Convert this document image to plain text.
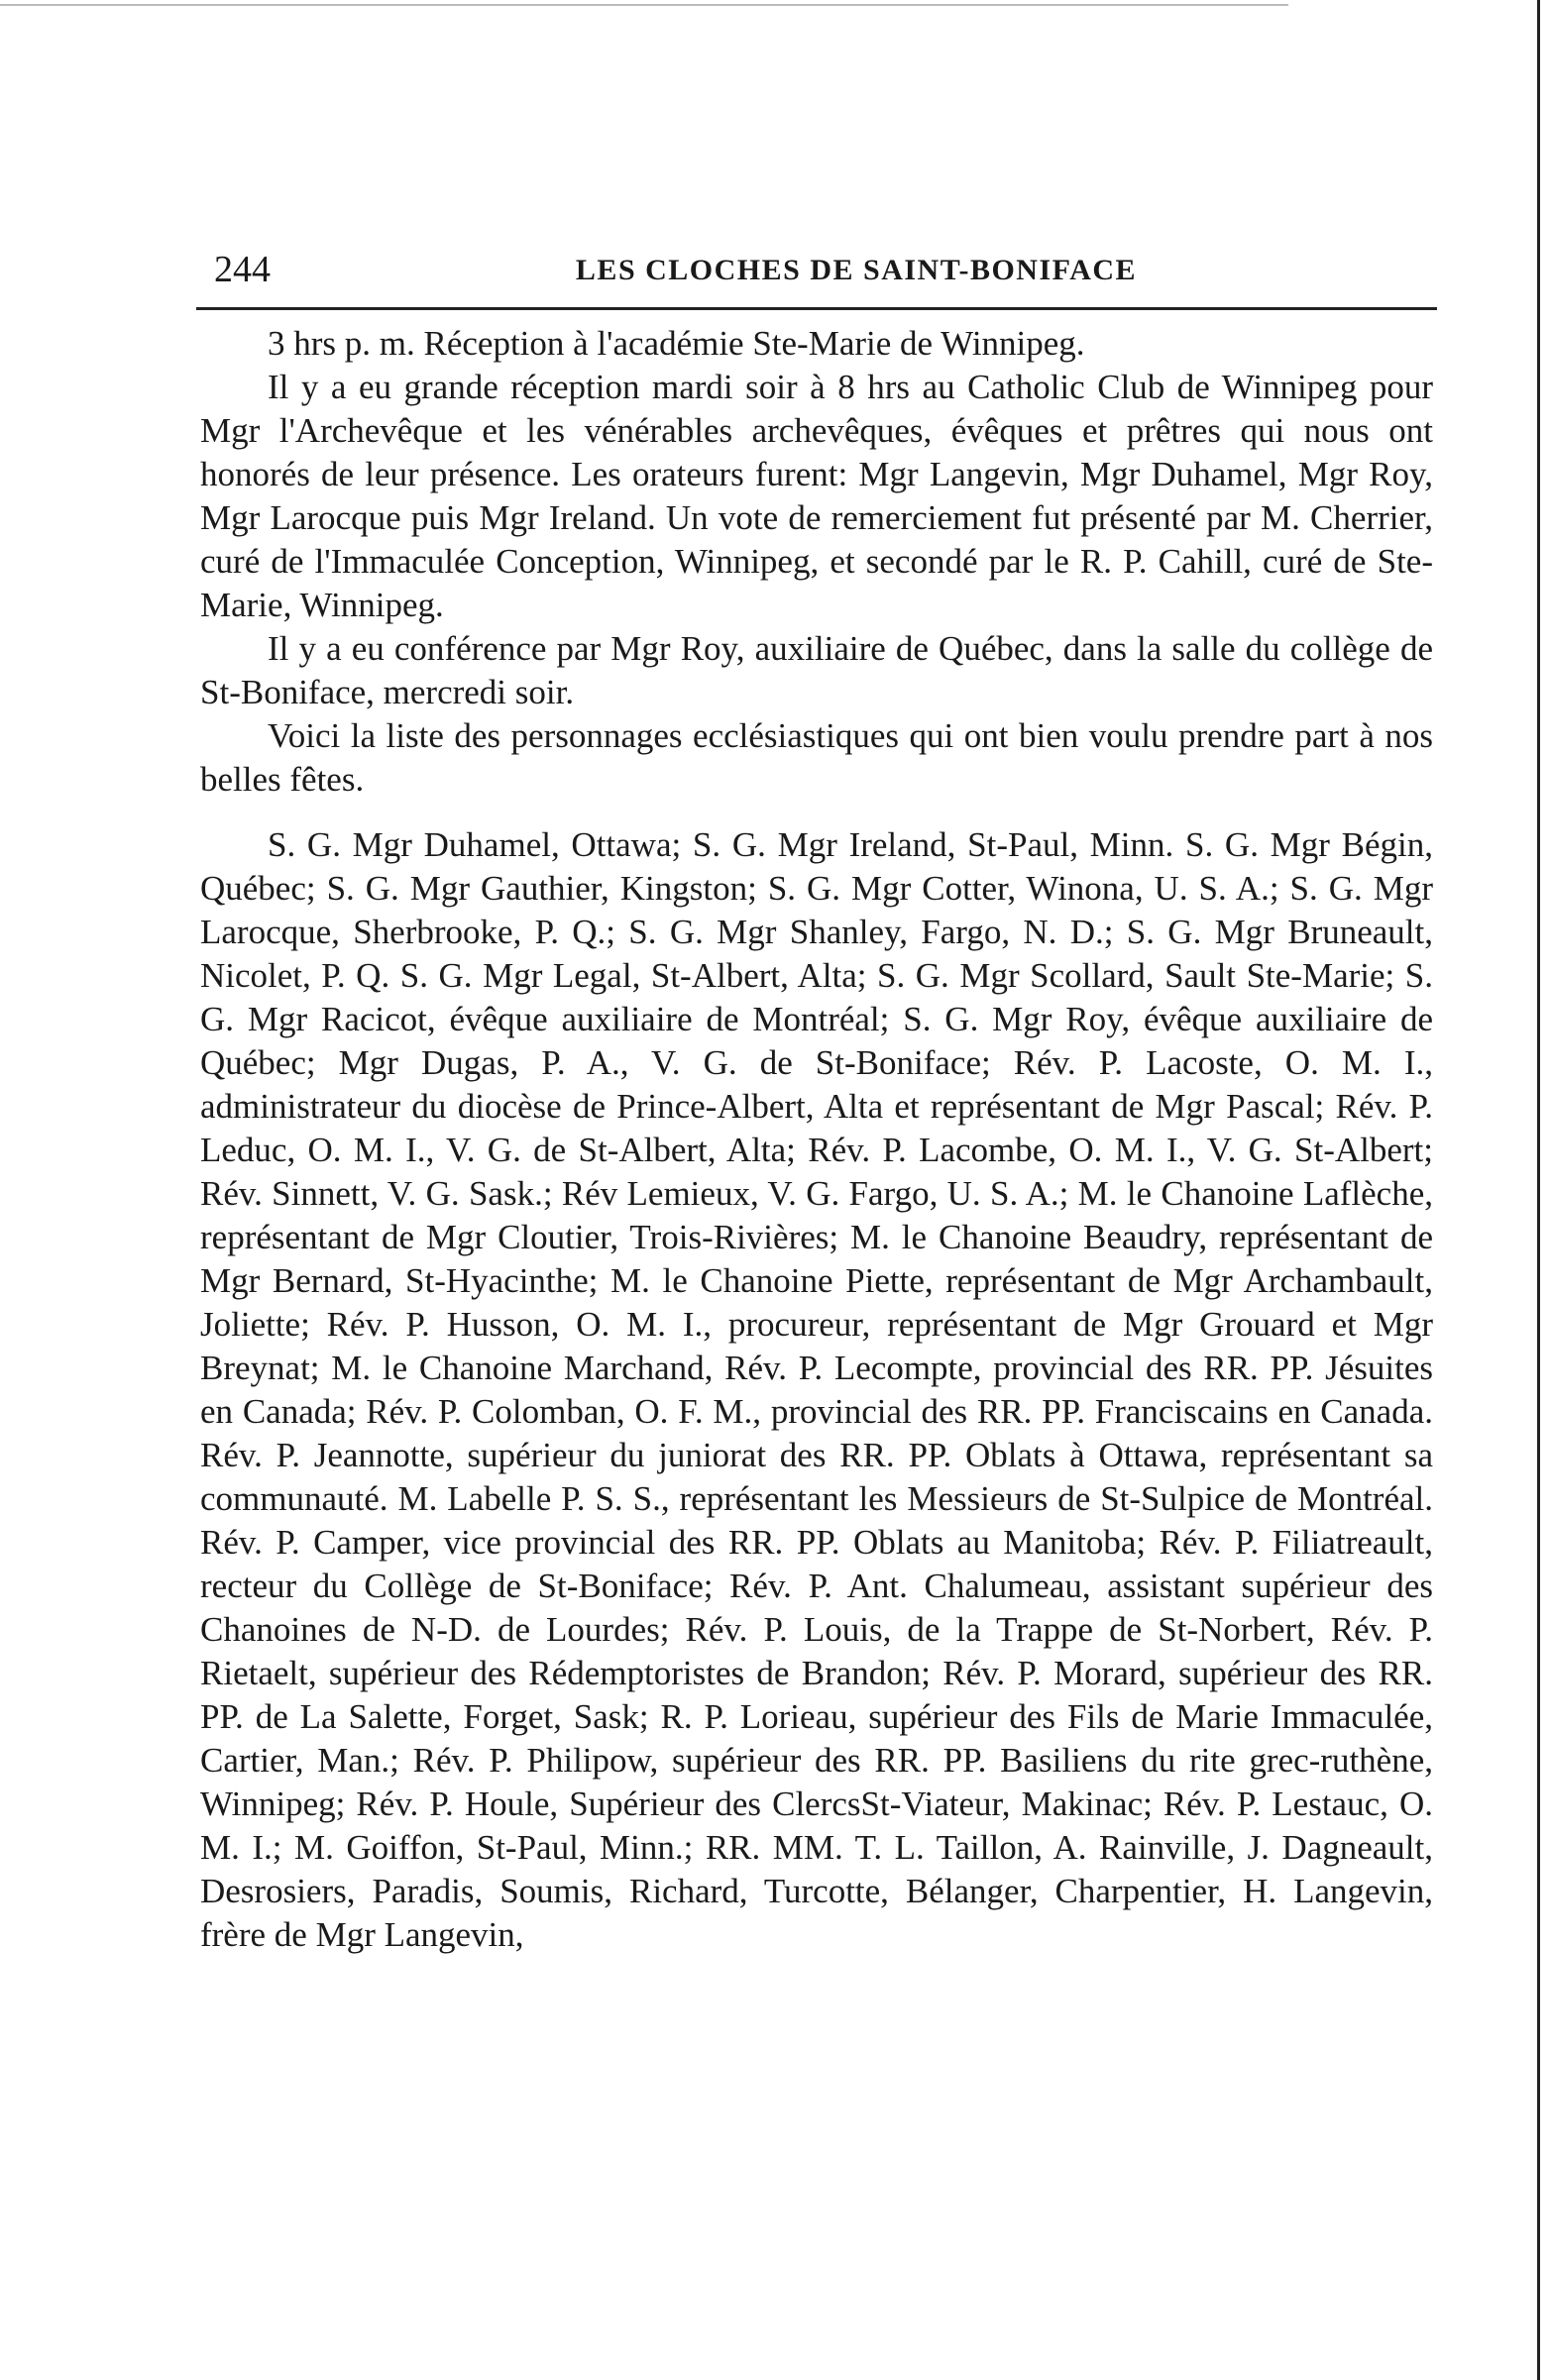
244	LES CLOCHES DE SAINT-BONIFACE

3 hrs p. m. Réception à l'académie Ste-Marie de Winnipeg.

Il y a eu grande réception mardi soir à 8 hrs au Catholic Club de Winnipeg pour Mgr l'Archevêque et les vénérables archevêques, évêques et prêtres qui nous ont honorés de leur présence. Les orateurs furent: Mgr Langevin, Mgr Duhamel, Mgr Roy, Mgr Larocque puis Mgr Ireland. Un vote de remerciement fut présenté par M. Cherrier, curé de l'Immaculée Conception, Winnipeg, et secondé par le R. P. Cahill, curé de Ste-Marie, Winnipeg.

Il y a eu conférence par Mgr Roy, auxiliaire de Québec, dans la salle du collège de St-Boniface, mercredi soir.

Voici la liste des personnages ecclésiastiques qui ont bien voulu prendre part à nos belles fêtes.

S. G. Mgr Duhamel, Ottawa; S. G. Mgr Ireland, St-Paul, Minn. S. G. Mgr Bégin, Québec; S. G. Mgr Gauthier, Kingston; S. G. Mgr Cotter, Winona, U. S. A.; S. G. Mgr Larocque, Sherbrooke, P. Q.; S. G. Mgr Shanley, Fargo, N. D.; S. G. Mgr Bruneault, Nicolet, P. Q. S. G. Mgr Legal, St-Albert, Alta; S. G. Mgr Scollard, Sault Ste-Marie; S. G. Mgr Racicot, évêque auxiliaire de Montréal; S. G. Mgr Roy, évêque auxiliaire de Québec; Mgr Dugas, P. A., V. G. de St-Boniface; Rév. P. Lacoste, O. M. I., administrateur du diocèse de Prince-Albert, Alta et représentant de Mgr Pascal; Rév. P. Leduc, O. M. I., V. G. de St-Albert, Alta; Rév. P. Lacombe, O. M. I., V. G. St-Albert; Rév. Sinnett, V. G. Sask.; Rév Lemieux, V. G. Fargo, U. S. A.; M. le Chanoine Laflèche, représentant de Mgr Cloutier, Trois-Rivières; M. le Chanoine Beaudry, représentant de Mgr Bernard, St-Hyacinthe; M. le Chanoine Piette, représentant de Mgr Archambault, Joliette; Rév. P. Husson, O. M. I., procureur, représentant de Mgr Grouard et Mgr Breynat; M. le Chanoine Marchand, Rév. P. Lecompte, provincial des RR. PP. Jésuites en Canada; Rév. P. Colomban, O. F. M., provincial des RR. PP. Franciscains en Canada. Rév. P. Jeannotte, supérieur du juniorat des RR. PP. Oblats à Ottawa, représentant sa communauté. M. Labelle P. S. S., représentant les Messieurs de St-Sulpice de Montréal. Rév. P. Camper, vice provincial des RR. PP. Oblats au Manitoba; Rév. P. Filiatreault, recteur du Collège de St-Boniface; Rév. P. Ant. Chalumeau, assistant supérieur des Chanoines de N-D. de Lourdes; Rév. P. Louis, de la Trappe de St-Norbert, Rév. P. Rietaelt, supérieur des Rédemptoristes de Brandon; Rév. P. Morard, supérieur des RR. PP. de La Salette, Forget, Sask; R. P. Lorieau, supérieur des Fils de Marie Immaculée, Cartier, Man.; Rév. P. Philipow, supérieur des RR. PP. Basiliens du rite grec-ruthène, Winnipeg; Rév. P. Houle, Supérieur des ClercsSt-Viateur, Makinac; Rév. P. Lestauc, O. M. I.; M. Goiffon, St-Paul, Minn.; RR. MM. T. L. Taillon, A. Rainville, J. Dagneault, Desrosiers, Paradis, Soumis, Richard, Turcotte, Bélanger, Charpentier, H. Langevin, frère de Mgr Langevin,
